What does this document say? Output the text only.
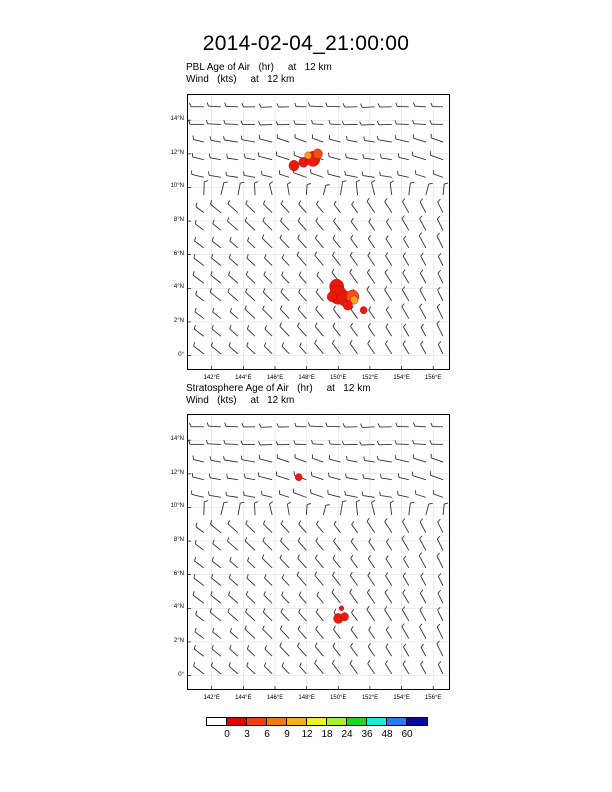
2014-02-04_21:00:00
PBL Age of Air   (hr)     at   12 km
Wind   (kts)     at   12 km
0°
2°N
4°N
6°N
8°N
10°N
12°N
14°N
142°E	144°E	146°E	148°E	150°E	152°E	154°E	156°E
Stratosphere Age of Air   (hr)     at   12 km
Wind   (kts)     at   12 km
0°
2°N
4°N
6°N
8°N
10°N
12°N
14°N
142°E	144°E	146°E	148°E	150°E	152°E	154°E	156°E
0	3	6	9	12 18 24 36 48 60
